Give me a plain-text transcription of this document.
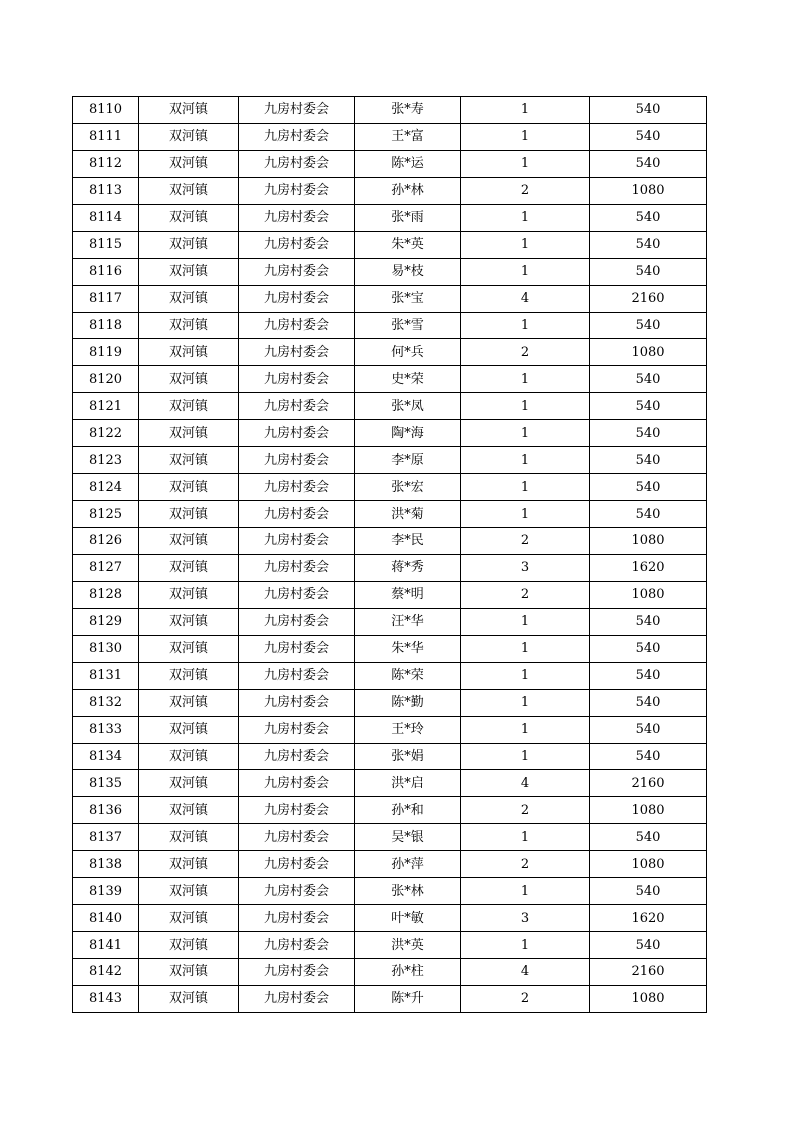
8110	双河镇	九房村委会	张*寿	1	540
8111	双河镇	九房村委会	王*富	1	540
8112	双河镇	九房村委会	陈*运	1	540
8113	双河镇	九房村委会	孙*林	2	1080
8114	双河镇	九房村委会	张*雨	1	540
8115	双河镇	九房村委会	朱*英	1	540
8116	双河镇	九房村委会	易*枝	1	540
8117	双河镇	九房村委会	张*宝	4	2160
8118	双河镇	九房村委会	张*雪	1	540
8119	双河镇	九房村委会	何*兵	2	1080
8120	双河镇	九房村委会	史*荣	1	540
8121	双河镇	九房村委会	张*凤	1	540
8122	双河镇	九房村委会	陶*海	1	540
8123	双河镇	九房村委会	李*原	1	540
8124	双河镇	九房村委会	张*宏	1	540
8125	双河镇	九房村委会	洪*菊	1	540
8126	双河镇	九房村委会	李*民	2	1080
8127	双河镇	九房村委会	蒋*秀	3	1620
8128	双河镇	九房村委会	蔡*明	2	1080
8129	双河镇	九房村委会	汪*华	1	540
8130	双河镇	九房村委会	朱*华	1	540
8131	双河镇	九房村委会	陈*荣	1	540
8132	双河镇	九房村委会	陈*勤	1	540
8133	双河镇	九房村委会	王*玲	1	540
8134	双河镇	九房村委会	张*娟	1	540
8135	双河镇	九房村委会	洪*启	4	2160
8136	双河镇	九房村委会	孙*和	2	1080
8137	双河镇	九房村委会	吴*银	1	540
8138	双河镇	九房村委会	孙*萍	2	1080
8139	双河镇	九房村委会	张*林	1	540
8140	双河镇	九房村委会	叶*敏	3	1620
8141	双河镇	九房村委会	洪*英	1	540
8142	双河镇	九房村委会	孙*柱	4	2160
8143	双河镇	九房村委会	陈*升	2	1080
